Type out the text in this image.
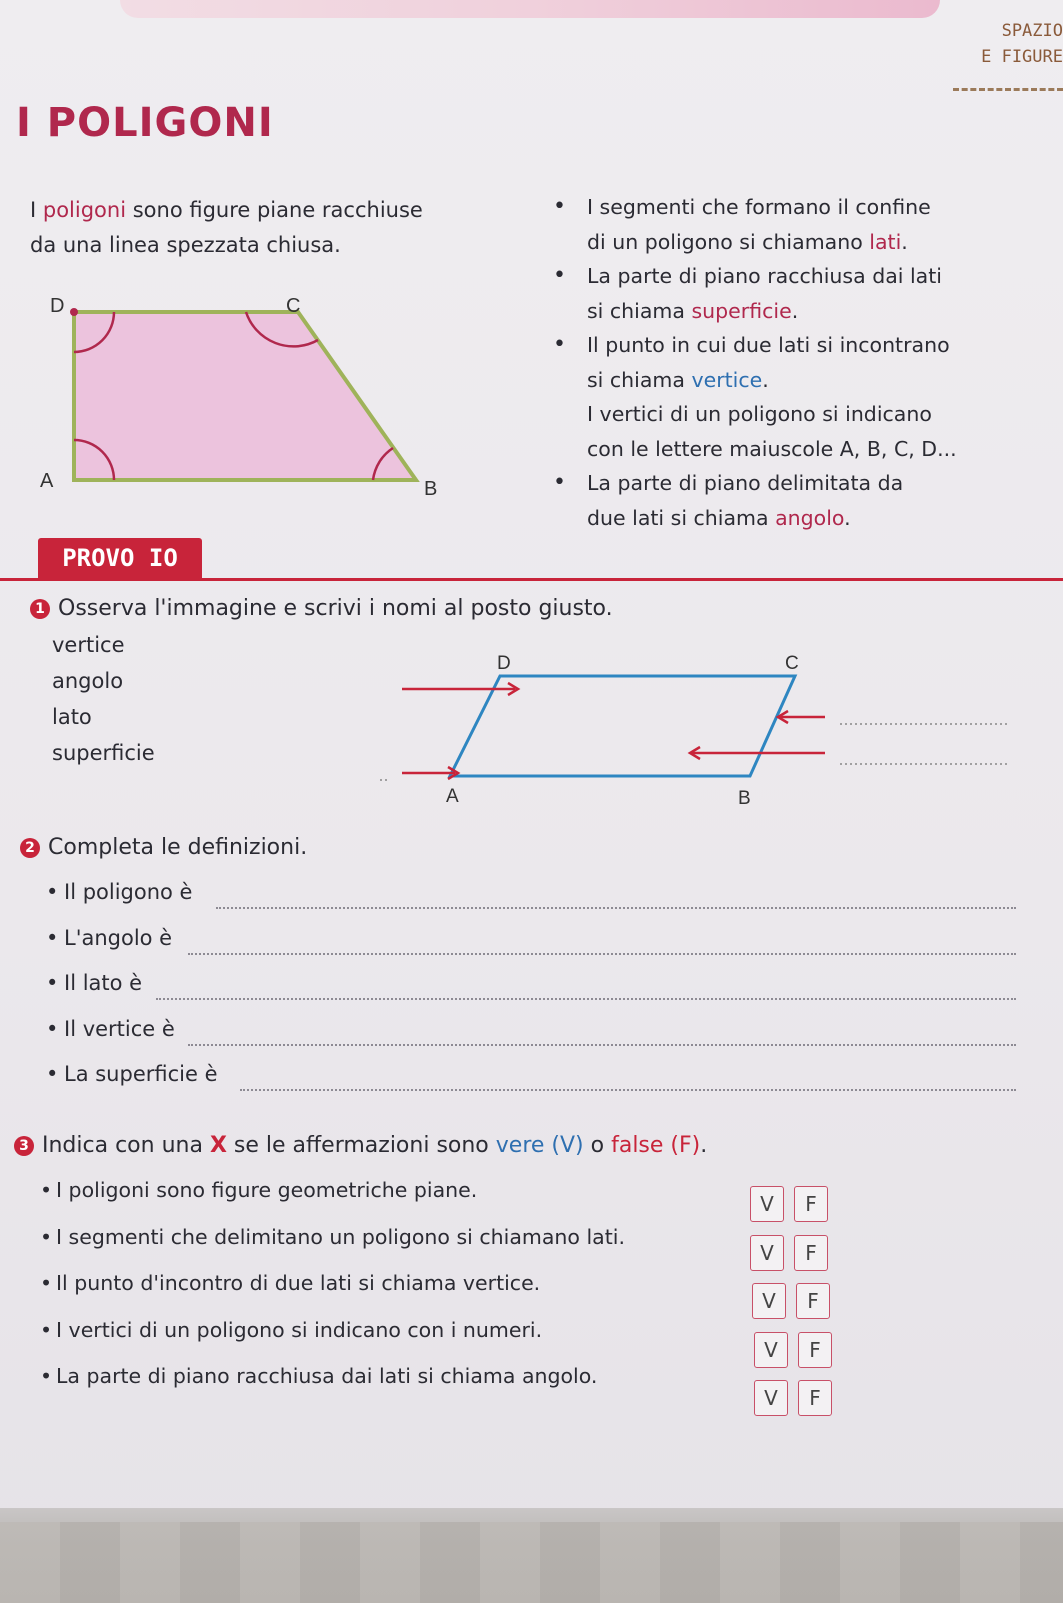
SPAZIO
E FIGURE
I POLIGONI
I poligoni sono figure piane racchiuse
da una linea spezzata chiusa.
• I segmenti che formano il confine
di un poligono si chiamano lati.
• La parte di piano racchiusa dai lati
si chiama superficie.
• Il punto in cui due lati si incontrano
si chiama vertice.
I vertici di un poligono si indicano
con le lettere maiuscole A, B, C, D...
• La parte di piano delimitata da
due lati si chiama angolo.
D	C
A	B
PROVO IO
1 Osserva l'immagine e scrivi i nomi al posto giusto.
vertice
angolo
lato
superficie
D	C
A	B
2 Completa le definizioni.
• Il poligono è
• L'angolo è
• Il lato è
• Il vertice è
• La superficie è
3 Indica con una X se le affermazioni sono vere (V) o false (F).
• I poligoni sono figure geometriche piane.
V	F
• I segmenti che delimitano un poligono si chiamano lati.
V	F
• Il punto d'incontro di due lati si chiama vertice.
V	F
• I vertici di un poligono si indicano con i numeri.
V	F
• La parte di piano racchiusa dai lati si chiama angolo.
V	F
